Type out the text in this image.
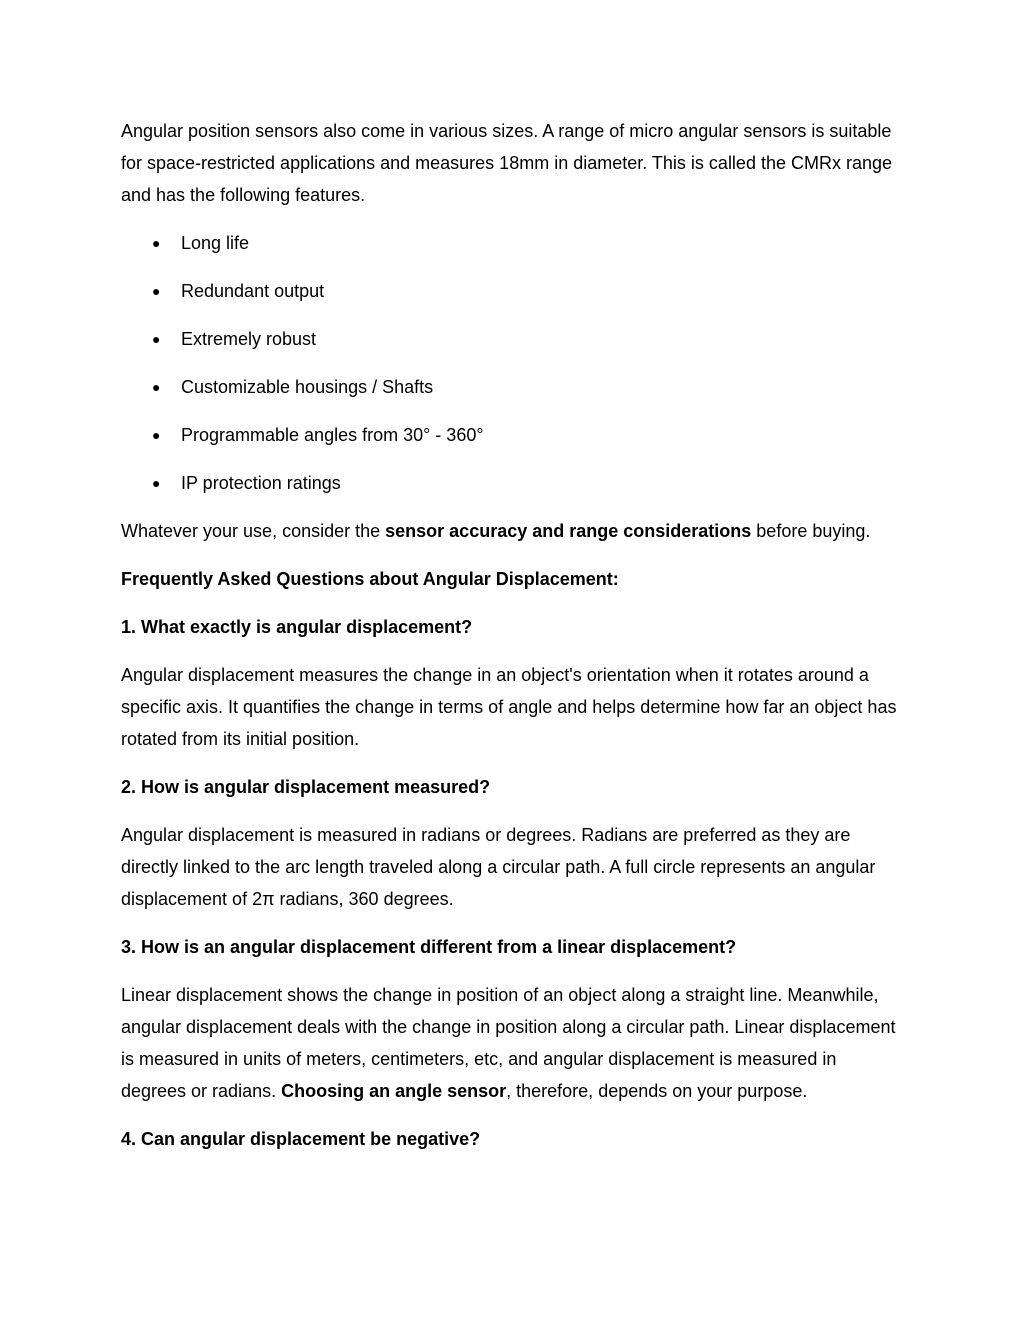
Angular position sensors also come in various sizes. A range of micro angular sensors is suitable for space-restricted applications and measures 18mm in diameter. This is called the CMRx range and has the following features.

● Long life
● Redundant output
● Extremely robust
● Customizable housings / Shafts
● Programmable angles from 30° - 360°
● IP protection ratings

Whatever your use, consider the sensor accuracy and range considerations before buying.

Frequently Asked Questions about Angular Displacement:

1. What exactly is angular displacement?

Angular displacement measures the change in an object's orientation when it rotates around a specific axis. It quantifies the change in terms of angle and helps determine how far an object has rotated from its initial position.

2. How is angular displacement measured?

Angular displacement is measured in radians or degrees. Radians are preferred as they are directly linked to the arc length traveled along a circular path. A full circle represents an angular displacement of 2π radians, 360 degrees.

3. How is an angular displacement different from a linear displacement?

Linear displacement shows the change in position of an object along a straight line. Meanwhile, angular displacement deals with the change in position along a circular path. Linear displacement is measured in units of meters, centimeters, etc, and angular displacement is measured in degrees or radians. Choosing an angle sensor, therefore, depends on your purpose.

4. Can angular displacement be negative?
